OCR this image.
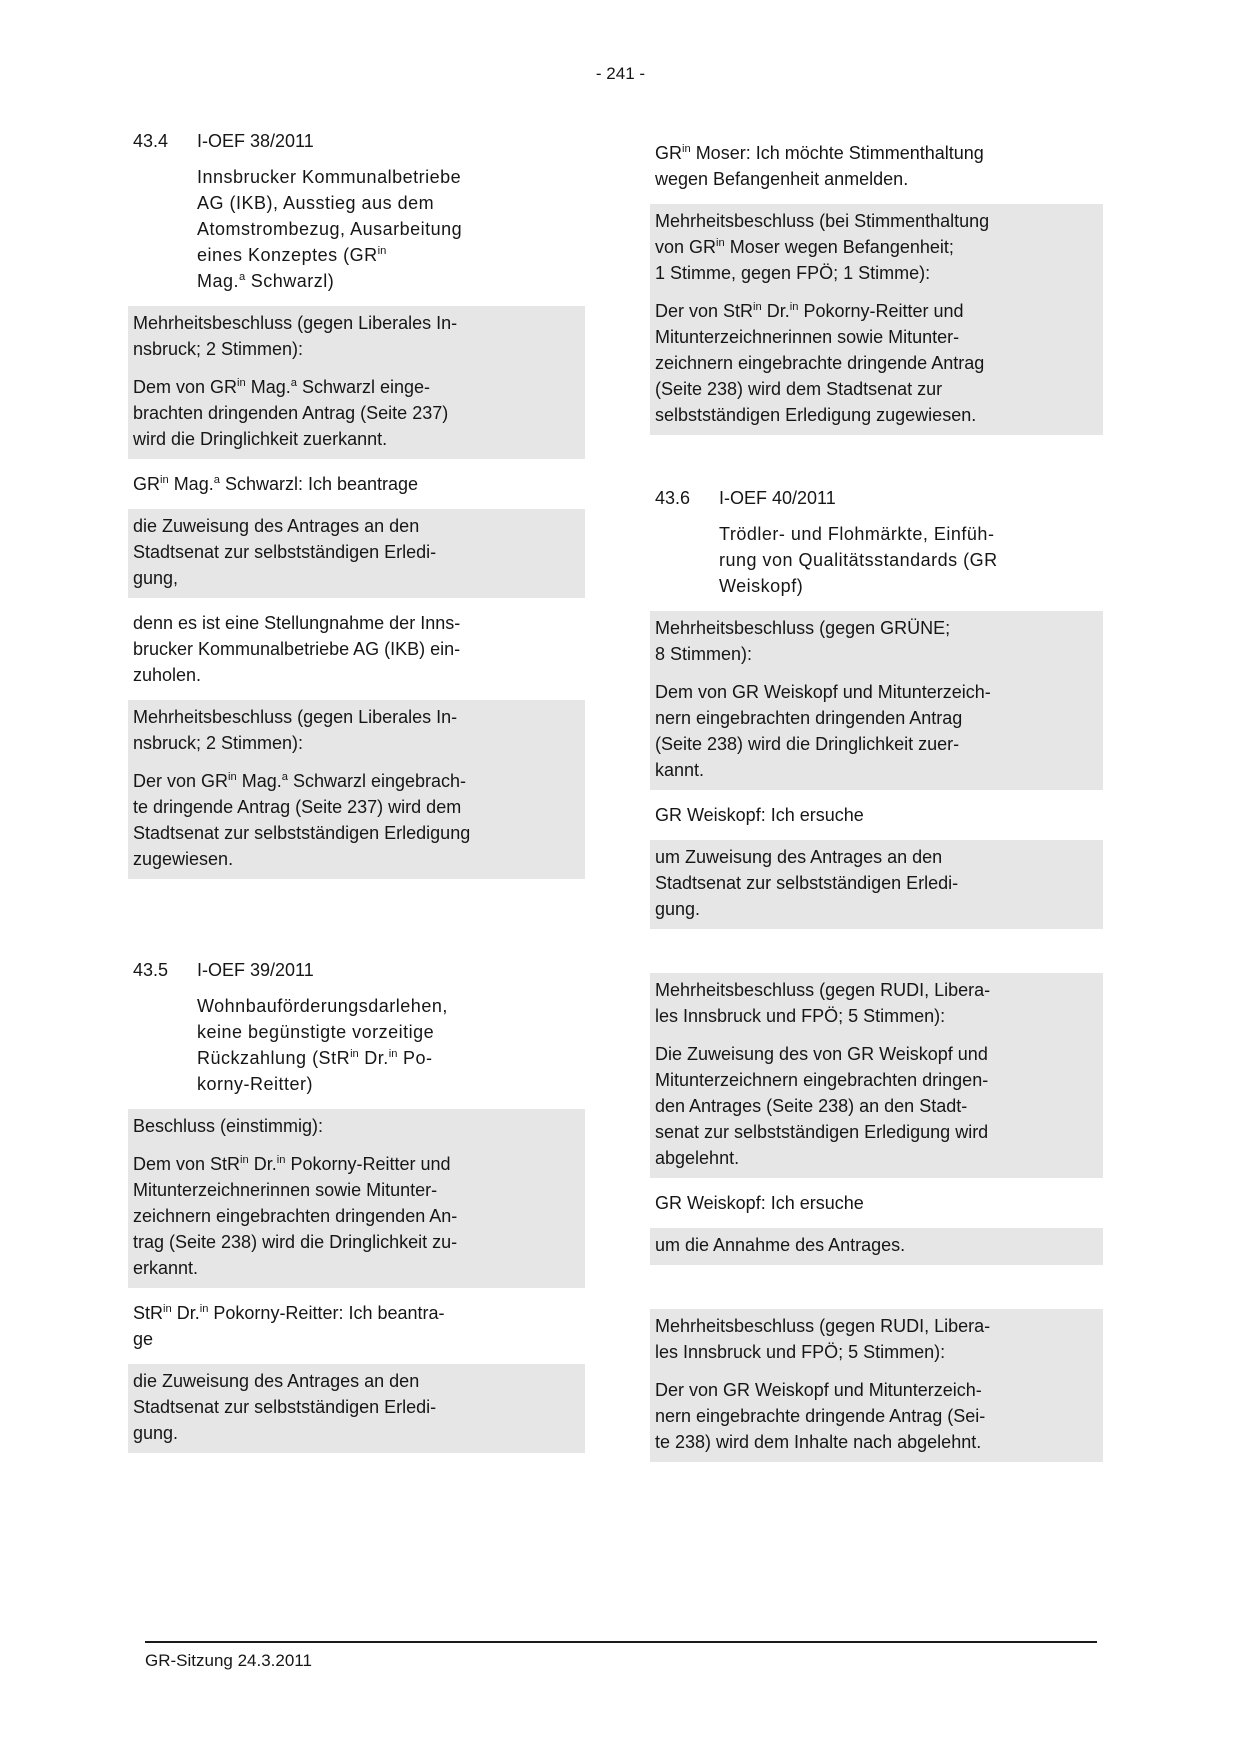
- 241 -
43.4	I-OEF 38/2011
Innsbrucker Kommunalbetriebe
AG (IKB), Ausstieg aus dem
Atomstrombezug, Ausarbeitung
eines Konzeptes ($GR^{in}$
Mag.$^a$ Schwarzl)

Mehrheitsbeschluss (gegen Liberales In-
nsbruck; 2 Stimmen):

Dem von $GR^{in}$ Mag.$^a$ Schwarzl einge-
brachten dringenden Antrag (Seite 237)
wird die Dringlichkeit zuerkannt.

$GR^{in}$ Mag.$^a$ Schwarzl: Ich beantrage

die Zuweisung des Antrages an den
Stadtsenat zur selbstständigen Erledi-
gung,

denn es ist eine Stellungnahme der Inns-
brucker Kommunalbetriebe AG (IKB) ein-
zuholen.

Mehrheitsbeschluss (gegen Liberales In-
nsbruck; 2 Stimmen):

Der von $GR^{in}$ Mag.$^a$ Schwarzl eingebrach-
te dringende Antrag (Seite 237) wird dem
Stadtsenat zur selbstständigen Erledigung
zugewiesen.

43.5	I-OEF 39/2011
Wohnbauförderungsdarlehen,
keine begünstigte vorzeitige
Rückzahlung (StR$^{in}$ Dr.$^{in}$ Po-
korny-Reitter)

Beschluss (einstimmig):

Dem von StR$^{in}$ Dr.$^{in}$ Pokorny-Reitter und
Mitunterzeichnerinnen sowie Mitunter-
zeichnern eingebrachten dringenden An-
trag (Seite 238) wird die Dringlichkeit zu-
erkannt.

StR$^{in}$ Dr.$^{in}$ Pokorny-Reitter: Ich beantra-
ge

die Zuweisung des Antrages an den
Stadtsenat zur selbstständigen Erledi-
gung.

$GR^{in}$ Moser: Ich möchte Stimmenthaltung
wegen Befangenheit anmelden.

Mehrheitsbeschluss (bei Stimmenthaltung
von $GR^{in}$ Moser wegen Befangenheit;
1 Stimme, gegen FPÖ; 1 Stimme):

Der von StR$^{in}$ Dr.$^{in}$ Pokorny-Reitter und
Mitunterzeichnerinnen sowie Mitunter-
zeichnern eingebrachte dringende Antrag
(Seite 238) wird dem Stadtsenat zur
selbstständigen Erledigung zugewiesen.

43.6	I-OEF 40/2011
Trödler- und Flohmärkte, Einfüh-
rung von Qualitätsstandards (GR
Weiskopf)

Mehrheitsbeschluss (gegen GRÜNE;
8 Stimmen):

Dem von GR Weiskopf und Mitunterzeich-
nern eingebrachten dringenden Antrag
(Seite 238) wird die Dringlichkeit zuer-
kannt.

GR Weiskopf: Ich ersuche

um Zuweisung des Antrages an den
Stadtsenat zur selbstständigen Erledi-
gung.

Mehrheitsbeschluss (gegen RUDI, Libera-
les Innsbruck und FPÖ; 5 Stimmen):

Die Zuweisung des von GR Weiskopf und
Mitunterzeichnern eingebrachten dringen-
den Antrages (Seite 238) an den Stadt-
senat zur selbstständigen Erledigung wird
abgelehnt.

GR Weiskopf: Ich ersuche

um die Annahme des Antrages.

Mehrheitsbeschluss (gegen RUDI, Libera-
les Innsbruck und FPÖ; 5 Stimmen):

Der von GR Weiskopf und Mitunterzeich-
nern eingebrachte dringende Antrag (Sei-
te 238) wird dem Inhalte nach abgelehnt.

GR-Sitzung 24.3.2011
